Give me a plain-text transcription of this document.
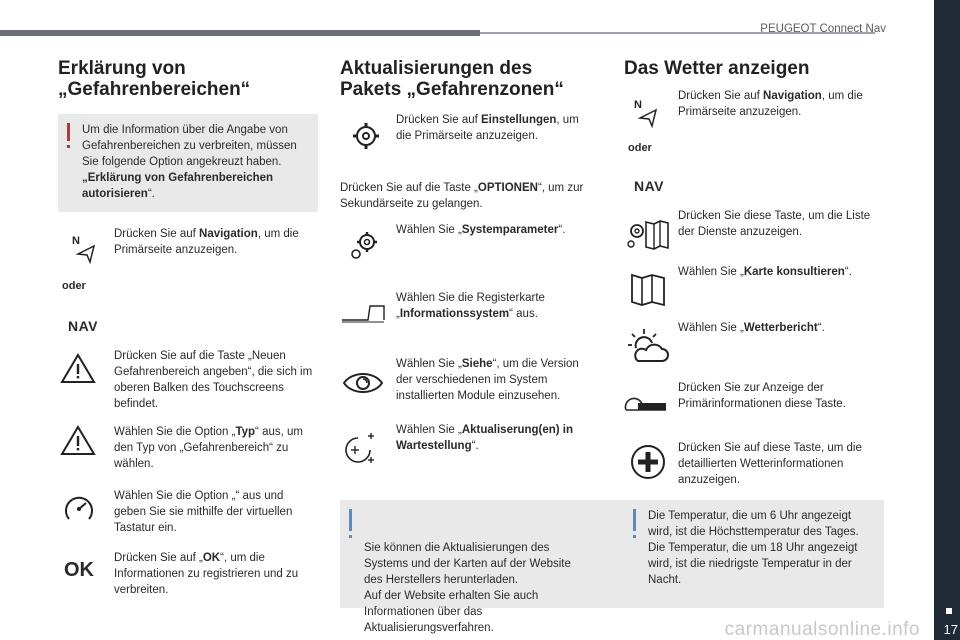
PEUGEOT Connect Nav
17
Erklärung von
„Gefahrenbereichen“
Um die Information über die Angabe von Gefahrenbereichen zu verbreiten, müssen Sie folgende Option angekreuzt haben. „Erklärung von Gefahrenbereichen autorisieren“.
N
Drücken Sie auf Navigation, um die Primärseite anzuzeigen.
oder
NAV
Drücken Sie auf die Taste „Neuen Gefahrenbereich angeben“, die sich im oberen Balken des Touchscreens befindet.
Wählen Sie die Option „Typ“ aus, um den Typ von „Gefahrenbereich“ zu wählen.
Wählen Sie die Option „“ aus und geben Sie sie mithilfe der virtuellen Tastatur ein.
OK
Drücken Sie auf „OK“, um die Informationen zu registrieren und zu verbreiten.
Aktualisierungen des
Pakets „Gefahrenzonen“
Drücken Sie auf Einstellungen, um die Primärseite anzuzeigen.
Drücken Sie auf die Taste „OPTIONEN“, um zur Sekundärseite zu gelangen.
Wählen Sie „Systemparameter“.
Wählen Sie die Registerkarte „Informationssystem“ aus.
Wählen Sie „Siehe“, um die Version der verschiedenen im System installierten Module einzusehen.
Wählen Sie „Aktualiserung(en) in Wartestellung“.

Sie können die Aktualisierungen des Systems und der Karten auf der Website des Herstellers herunterladen.
Auf der Website erhalten Sie auch Informationen über das Aktualisierungsverfahren.

Das Wetter anzeigen
N
Drücken Sie auf Navigation, um die Primärseite anzuzeigen.
oder
NAV
Drücken Sie diese Taste, um die Liste der Dienste anzuzeigen.
Wählen Sie „Karte konsultieren“.
Wählen Sie „Wetterbericht“.
Drücken Sie zur Anzeige der Primärinformationen diese Taste.
Drücken Sie auf diese Taste, um die detaillierten Wetterinformationen anzuzeigen.
Die Temperatur, die um 6 Uhr angezeigt wird, ist die Höchsttemperatur des Tages. Die Temperatur, die um 18 Uhr angezeigt wird, ist die niedrigste Temperatur in der Nacht.
carmanualsonline.info
